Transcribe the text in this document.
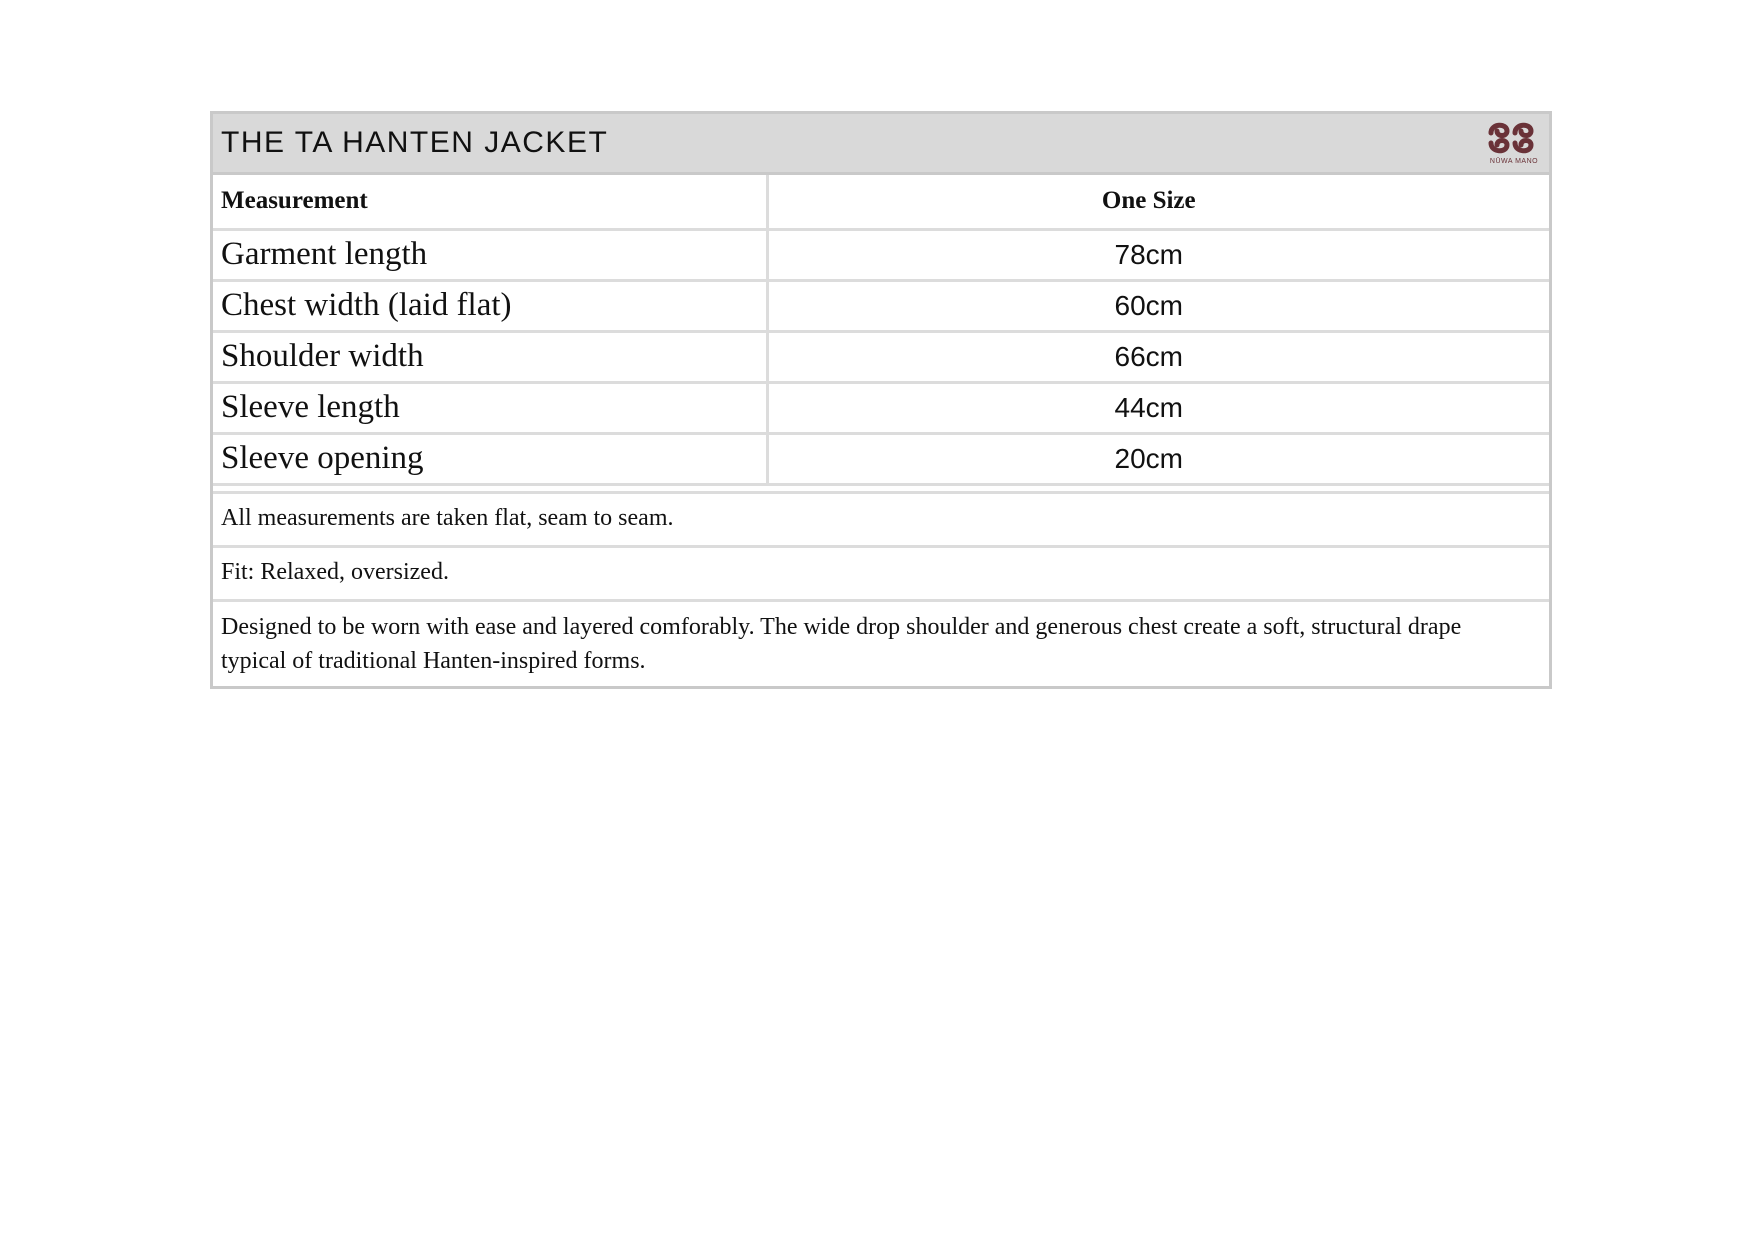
THE TA HANTEN JACKET
NŪWA MANO
Measurement	One Size
Garment length	78cm
Chest width (laid flat)	60cm
Shoulder width	66cm
Sleeve length	44cm
Sleeve opening	20cm
All measurements are taken flat, seam to seam.
Fit: Relaxed, oversized.
Designed to be worn with ease and layered comforably. The wide drop shoulder and generous chest create a soft, structural drape typical of traditional Hanten-inspired forms.
